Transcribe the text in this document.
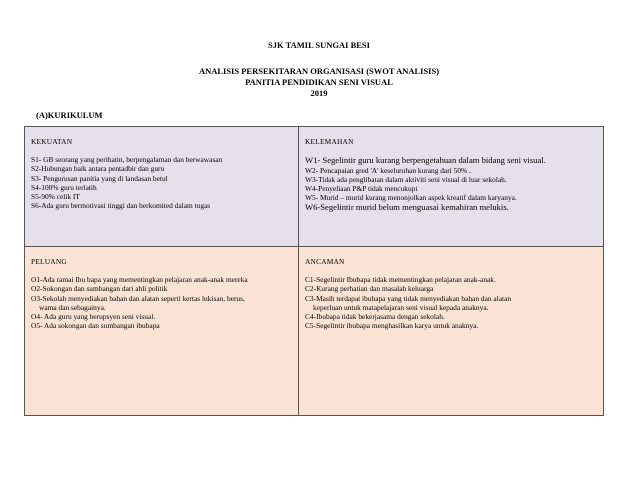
SJK TAMIL SUNGAI BESI
ANALISIS PERSEKITARAN ORGANISASI (SWOT ANALISIS)
PANITIA PENDIDIKAN SENI VISUAL
2019
(A)KURIKULUM
KEKUATAN

S1- GB seorang yang perihatin, berpengalaman dan berwawasan

S2-Hubungan baik antara pentadbir dan guru

S3- Pengurusan panitia yang di landasan betul

S4-100% guru terlatih

S5-90% celik IT

S6-Ada guru bermotivasi tinggi dan berkomited dalam tugas

KELEMAHAN

W1- Segelintir guru kurang berpengetahuan dalam bidang seni visual.

W2- Pencapaian gred 'A' keseluruhan kurang dari 50% .

W3-Tidak ada penglibatan dalam aktiviti seni visual di luar sekolah.

W4-Penyeliaan P&P tidak mencukupi

W5- Murid – murid kurang menonjolkan aspek kreatif dalam karyanya.

W6-Segelintir murid belum menguasai kemahiran melukis.

PELUANG

O1-Ada ramai Ibu bapa yang mementingkan pelajaran anak-anak mereka

O2-Sokongan dan sumbangan dari ahli politik

O3-Sekolah menyediakan bahan dan alatan seperti kertas lukisan, berus,

wama dan sebagainya.

O4- Ada guru yang berupsyen seni visual.

O5- Ada sokongan dan sumbangan ibubapa

ANCAMAN

C1-Segelintir Ibubapa tidak mementingkan pelajaran anak-anak.

C2-Kurang perhatian dan masalah keluarga

C3-Masih terdapat ibubapa yang tidak menyediakan bahan dan alatan

keperluan untuk matapelajaran seni visual kepada anaknya.

C4-Ibubapa tidak bekerjasama dengan sekolah.

C5-Segelintir ibubapa menghasilkan karya untuk anaknya.
